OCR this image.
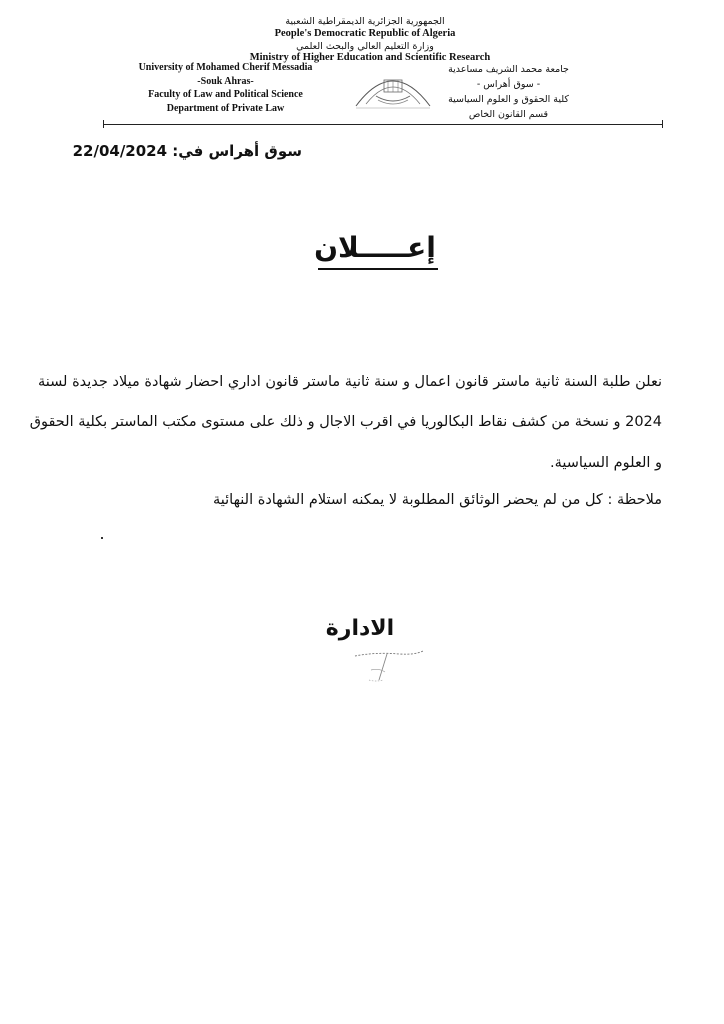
الجمهورية الجزائرية الديمقراطية الشعبية
People's Democratic Republic of Algeria
وزارة التعليم العالي والبحث العلمي
Ministry of Higher Education and Scientific Research
University of Mohamed Cherif Messadia
-Souk Ahras-
Faculty of Law and Political Science
Department of Private Law
جامعة محمد الشريف مساعدية
- سوق أهراس -
كلية الحقوق و العلوم السياسية
قسم القانون الخاص
سوق أهراس في: 22/04/2024
إعـــــلان
نعلن طلبة السنة ثانية ماستر قانون اعمال و سنة ثانية ماستر قانون اداري احضار شهادة ميلاد جديدة لسنة
2024 و نسخة من كشف نقاط البكالوريا في اقرب الاجال و ذلك على مستوى مكتب الماستر بكلية الحقوق
و العلوم السياسية.
ملاحظة : كل من لم يحضر الوثائق المطلوبة لا يمكنه استلام الشهادة النهائية
الادارة
